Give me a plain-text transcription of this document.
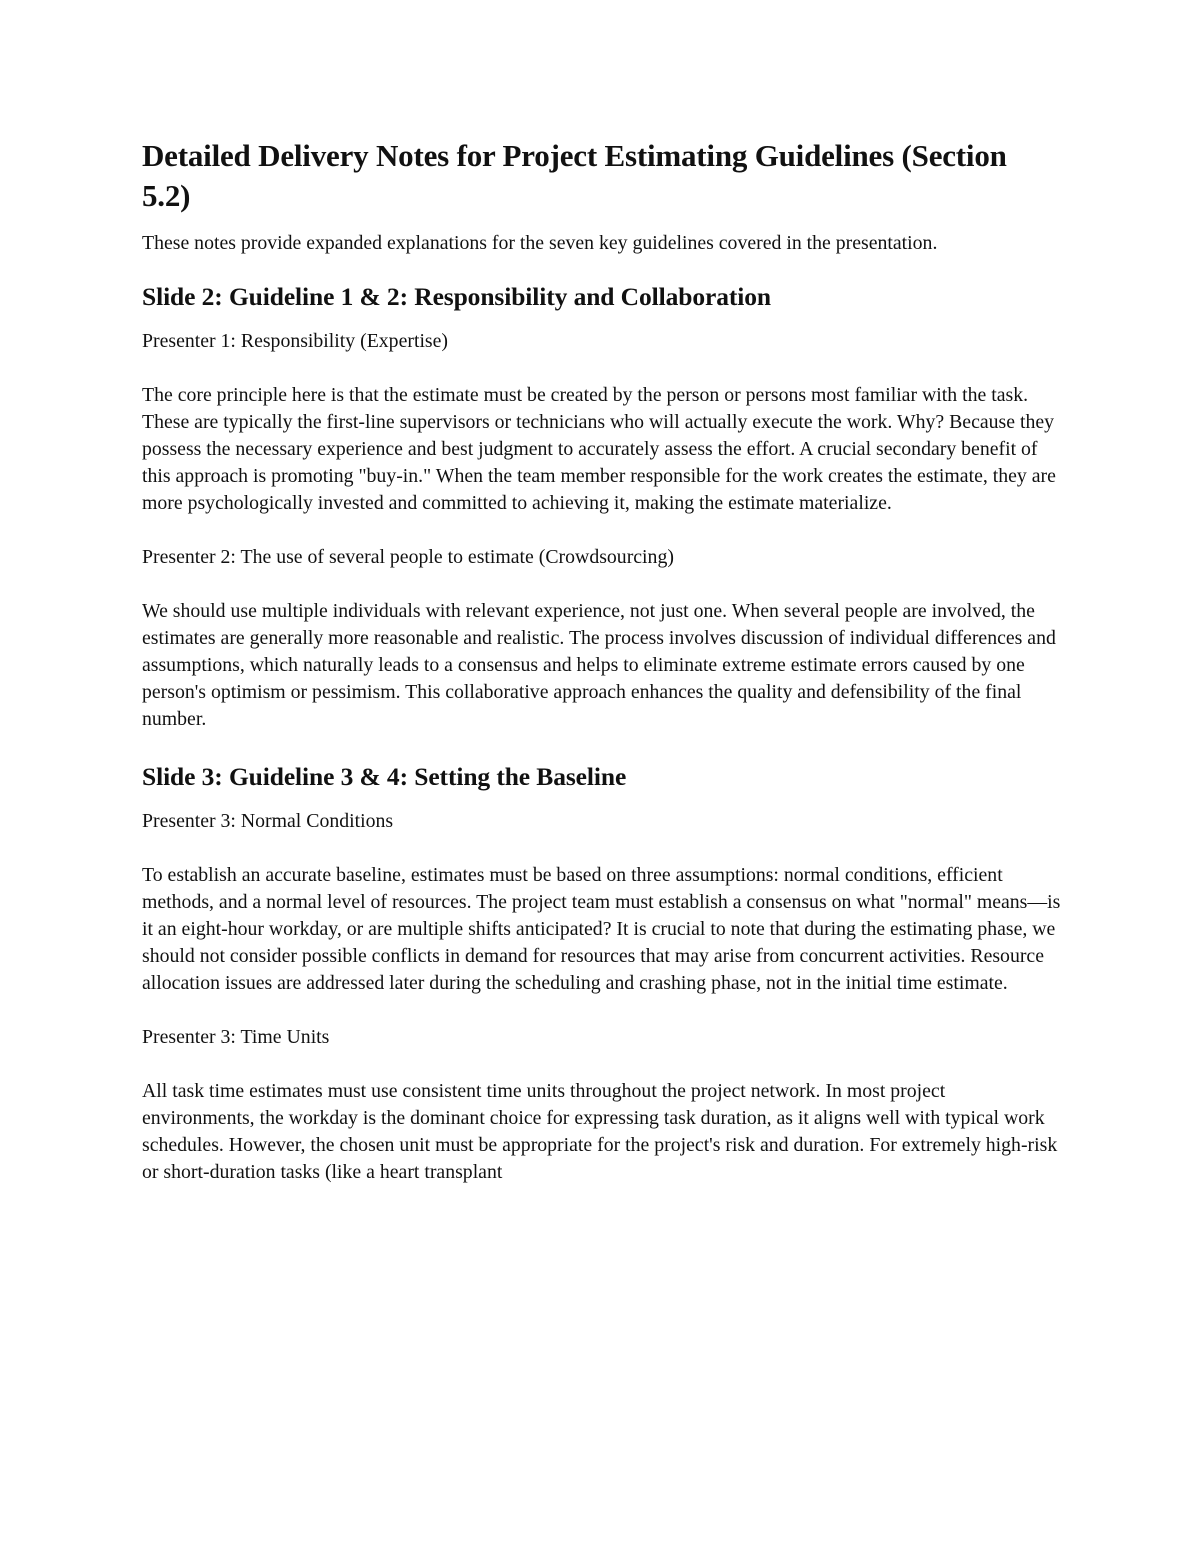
Detailed Delivery Notes for Project Estimating Guidelines (Section 5.2)

These notes provide expanded explanations for the seven key guidelines covered in the presentation.

Slide 2: Guideline 1 & 2: Responsibility and Collaboration

Presenter 1: Responsibility (Expertise)

The core principle here is that the estimate must be created by the person or persons most familiar with the task. These are typically the first-line supervisors or technicians who will actually execute the work. Why? Because they possess the necessary experience and best judgment to accurately assess the effort. A crucial secondary benefit of this approach is promoting "buy-in." When the team member responsible for the work creates the estimate, they are more psychologically invested and committed to achieving it, making the estimate materialize.

Presenter 2: The use of several people to estimate (Crowdsourcing)

We should use multiple individuals with relevant experience, not just one. When several people are involved, the estimates are generally more reasonable and realistic. The process involves discussion of individual differences and assumptions, which naturally leads to a consensus and helps to eliminate extreme estimate errors caused by one person's optimism or pessimism. This collaborative approach enhances the quality and defensibility of the final number.

Slide 3: Guideline 3 & 4: Setting the Baseline

Presenter 3: Normal Conditions

To establish an accurate baseline, estimates must be based on three assumptions: normal conditions, efficient methods, and a normal level of resources. The project team must establish a consensus on what "normal" means—is it an eight-hour workday, or are multiple shifts anticipated? It is crucial to note that during the estimating phase, we should not consider possible conflicts in demand for resources that may arise from concurrent activities. Resource allocation issues are addressed later during the scheduling and crashing phase, not in the initial time estimate.

Presenter 3: Time Units

All task time estimates must use consistent time units throughout the project network. In most project environments, the workday is the dominant choice for expressing task duration, as it aligns well with typical work schedules. However, the chosen unit must be appropriate for the project's risk and duration. For extremely high-risk or short-duration tasks (like a heart transplant
